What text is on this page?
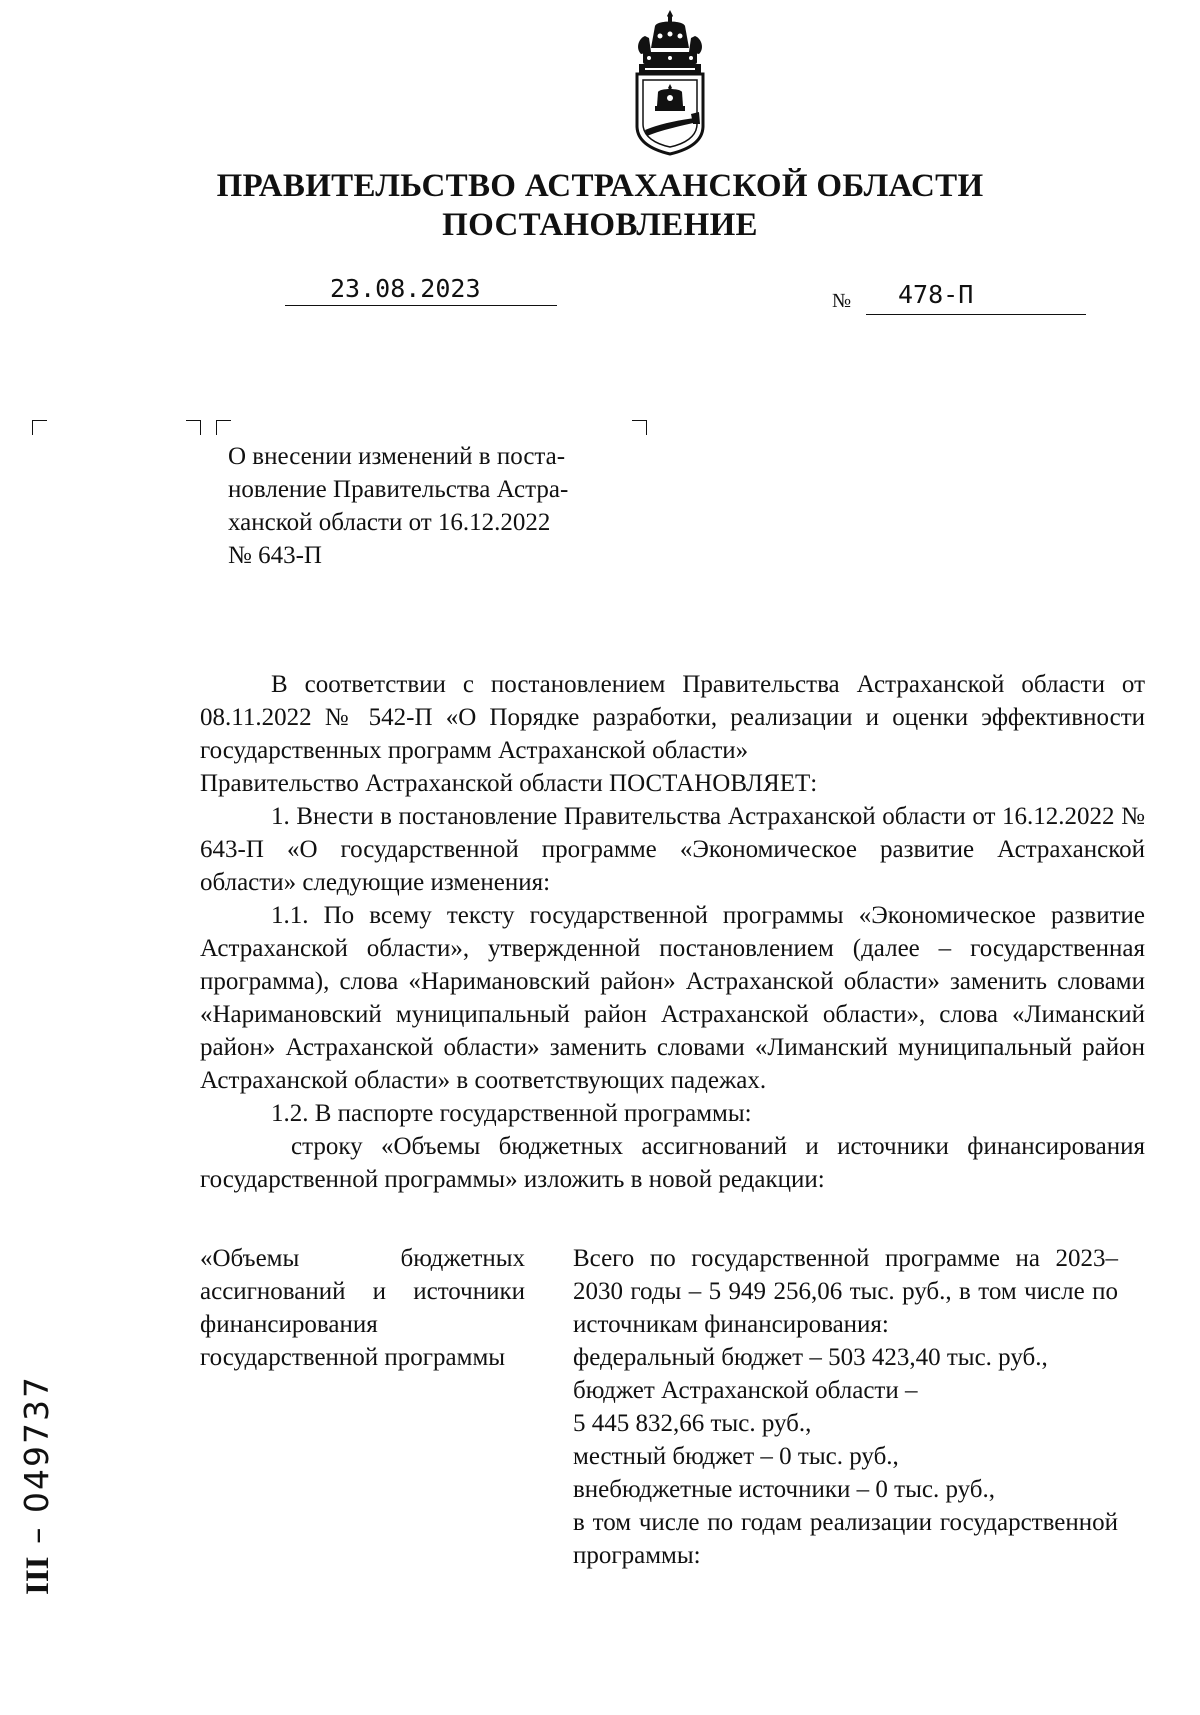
ПРАВИТЕЛЬСТВО АСТРАХАНСКОЙ ОБЛАСТИ
ПОСТАНОВЛЕНИЕ
23.08.2023	№ 478-П

О внесении изменений в поста-

новление Правительства Астра-

ханской области от 16.12.2022

№ 643-П

В соответствии с постановлением Правительства Астраханской области от 08.11.2022 № 542-П «О Порядке разработки, реализации и оценки эффективности государственных программ Астраханской области»

Правительство Астраханской области ПОСТАНОВЛЯЕТ:

1. Внести в постановление Правительства Астраханской области от 16.12.2022 № 643-П «О государственной программе «Экономическое развитие Астраханской области» следующие изменения:

1.1. По всему тексту государственной программы «Экономическое развитие Астраханской области», утвержденной постановлением (далее – государственная программа), слова «Наримановский район» Астраханской области» заменить словами «Наримановский муниципальный район Астраханской области», слова «Лиманский район» Астраханской области» заменить словами «Лиманский муниципальный район Астраханской области» в соответствующих падежах.

1.2. В паспорте государственной программы:

строку «Объемы бюджетных ассигнований и источники финансирования государственной программы» изложить в новой редакции:

«Объемы бюджетных ассигнований и источники финансирования государственной программы

Всего по государственной программе на 2023–2030 годы – 5 949 256,06 тыс. руб., в том числе по источникам финансирования:

федеральный бюджет – 503 423,40 тыс. руб.,

бюджет Астраханской области –

5 445 832,66 тыс. руб.,

местный бюджет – 0 тыс. руб.,

внебюджетные источники – 0 тыс. руб.,

в том числе по годам реализации государственной программы:

ІІІ – 049737
